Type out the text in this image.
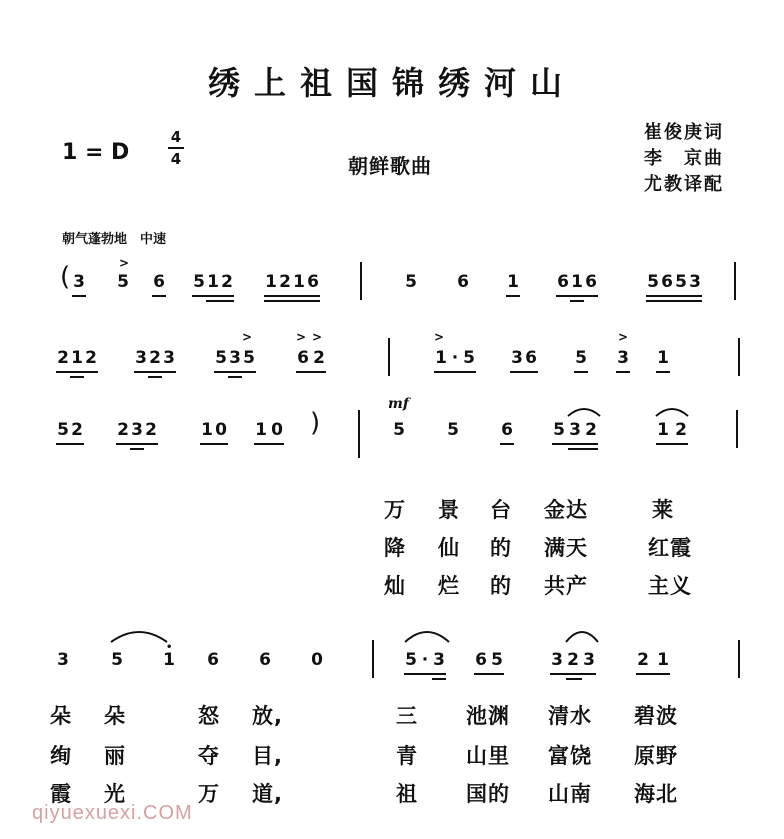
绣上祖国锦绣河山
1 = D
4
4	朝鲜歌曲
崔俊庚词
李　京曲
尤教译配
朝气蓬勃地　中速
( 3
>
5 6 5 1 2 1 2 1 6	5 6 1 6 1 6	5 6 5 3
2 1 2 3 2 3
>
5 3 5
> >
6 2
>
1 · 5 3 6 5
>
3 1
5 2 2 3 2	1 0 1 0 )
mf
5 5 6 5 3 2	1 2
万 景 台 金达	莱
降 仙 的 满天	红霞
灿 烂 的 共产	主义
3 5 1
•
6 6 0	5 · 3 6 5	3 2 3 2 1
朵 朵	怒 放,	三 池渊 清水 碧波
绚 丽	夺 目,	青 山里 富饶 原野
霞 光	万 道,	祖 国的 山南 海北
qiyuexuexi.COM
